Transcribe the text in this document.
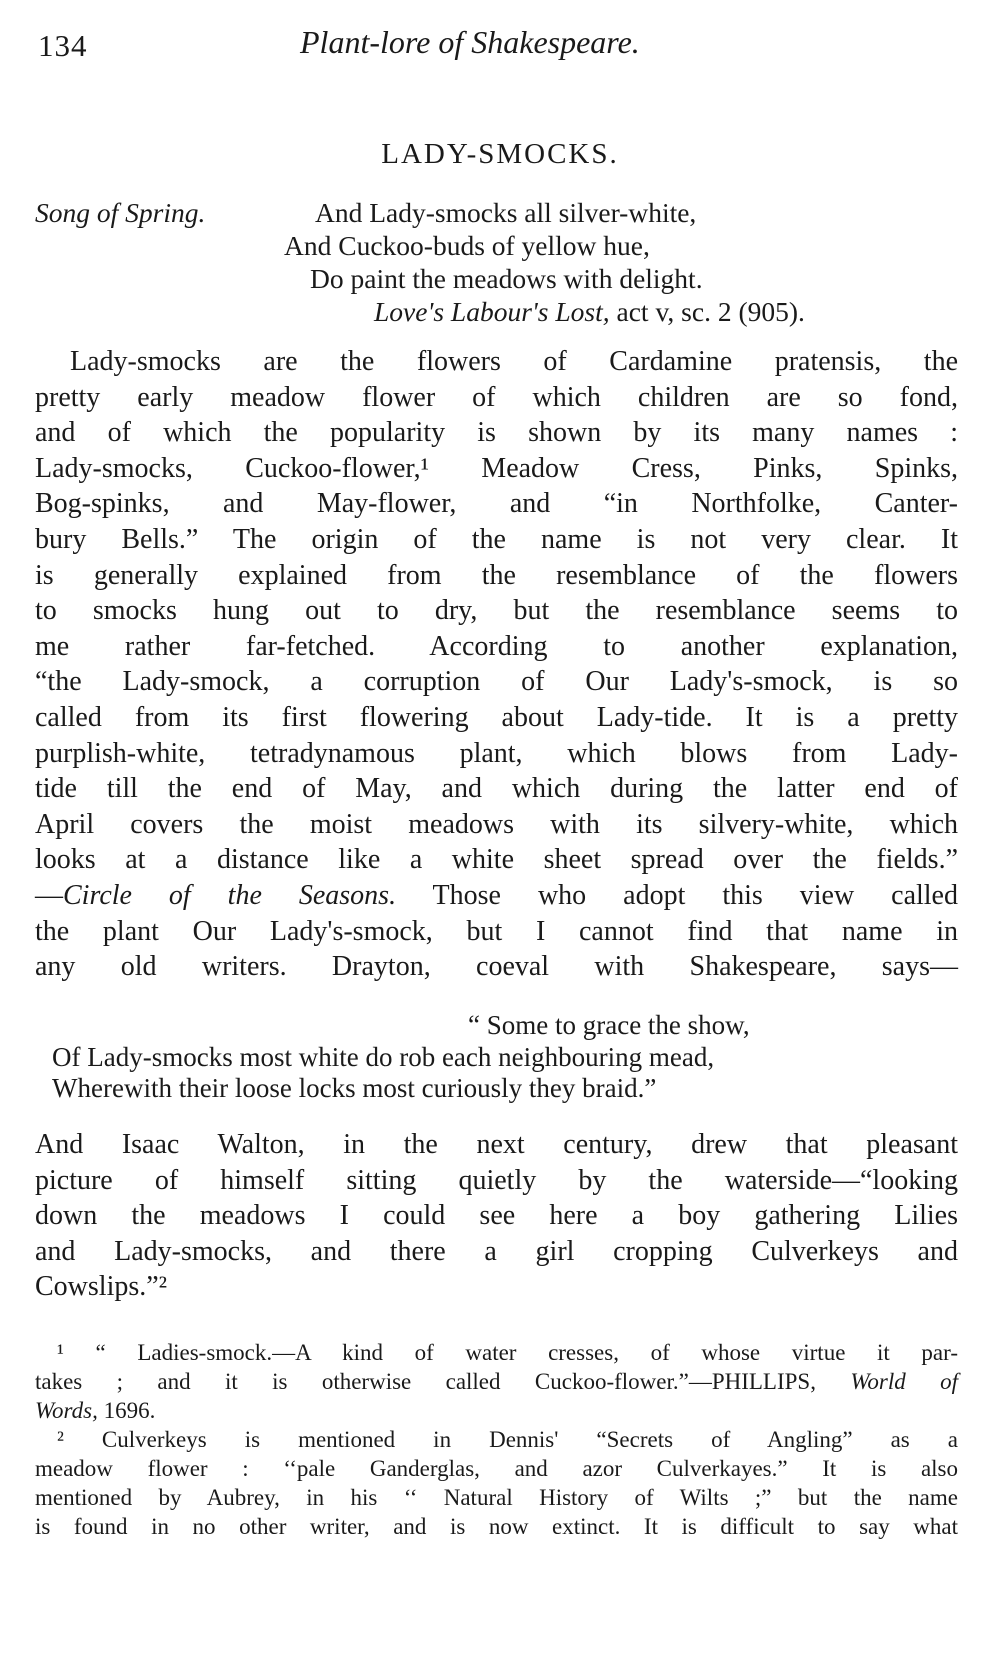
134	Plant-lore of Shakespeare.
LADY-SMOCKS.
Song of Spring.	And Lady-smocks all silver-white,
And Cuckoo-buds of yellow hue,
Do paint the meadows with delight.
Love's Labour's Lost, act v, sc. 2 (905).
Lady-smocks are the flowers of Cardamine pratensis, the
pretty early meadow flower of which children are so fond,
and of which the popularity is shown by its many names :
Lady-smocks, Cuckoo-flower,¹ Meadow Cress, Pinks, Spinks,
Bog-spinks, and May-flower, and “in Northfolke, Canter-
bury Bells.” The origin of the name is not very clear. It
is generally explained from the resemblance of the flowers
to smocks hung out to dry, but the resemblance seems to
me rather far-fetched. According to another explanation,
“the Lady-smock, a corruption of Our Lady's-smock, is so
called from its first flowering about Lady-tide. It is a pretty
purplish-white, tetradynamous plant, which blows from Lady-
tide till the end of May, and which during the latter end of
April covers the moist meadows with its silvery-white, which
looks at a distance like a white sheet spread over the fields.”
—Circle of the Seasons. Those who adopt this view called
the plant Our Lady's-smock, but I cannot find that name in
any old writers. Drayton, coeval with Shakespeare, says—
“ Some to grace the show,
Of Lady-smocks most white do rob each neighbouring mead,
Wherewith their loose locks most curiously they braid.”
And Isaac Walton, in the next century, drew that pleasant
picture of himself sitting quietly by the waterside—“looking
down the meadows I could see here a boy gathering Lilies
and Lady-smocks, and there a girl cropping Culverkeys and
Cowslips.”²
¹ “ Ladies-smock.—A kind of water cresses, of whose virtue it par-
takes ; and it is otherwise called Cuckoo-flower.”—PHILLIPS, World of
Words, 1696.
² Culverkeys is mentioned in Dennis' “Secrets of Angling” as a
meadow flower : ‘‘pale Ganderglas, and azor Culverkayes.” It is also
mentioned by Aubrey, in his ‘‘ Natural History of Wilts ;” but the name
is found in no other writer, and is now extinct. It is difficult to say what
